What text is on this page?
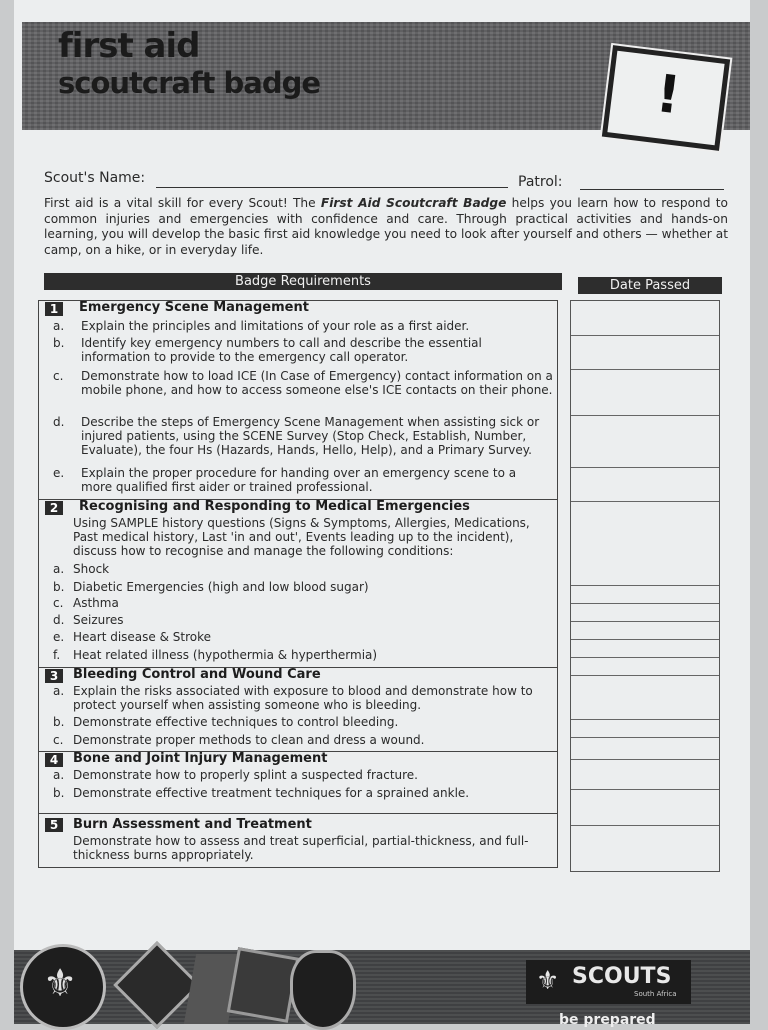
first aid
scoutcraft badge	!
Scout's Name:	Patrol:
First aid is a vital skill for every Scout! The First Aid Scoutcraft Badge helps you learn how to respond to common injuries and emergencies with confidence and care. Through practical activities and hands-on learning, you will develop the basic first aid knowledge you need to look after yourself and others — whether at camp, on a hike, or in everyday life.
Badge Requirements	Date Passed
1	Emergency Scene Management
a.	Explain the principles and limitations of your role as a first aider.
b.	Identify key emergency numbers to call and describe the essential information to provide to the emergency call operator.
c.	Demonstrate how to load ICE (In Case of Emergency) contact information on a mobile phone, and how to access someone else's ICE contacts on their phone.
d.	Describe the steps of Emergency Scene Management when assisting sick or injured patients, using the SCENE Survey (Stop Check, Establish, Number, Evaluate), the four Hs (Hazards, Hands, Hello, Help), and a Primary Survey.
e.	Explain the proper procedure for handing over an emergency scene to a more qualified first aider or trained professional.
2	Recognising and Responding to Medical Emergencies
Using SAMPLE history questions (Signs & Symptoms, Allergies, Medications, Past medical history, Last 'in and out', Events leading up to the incident), discuss how to recognise and manage the following conditions:
a. Shock
b. Diabetic Emergencies (high and low blood sugar)
c. Asthma
d. Seizures
e. Heart disease & Stroke
f.	Heat related illness (hypothermia & hyperthermia)
3	Bleeding Control and Wound Care
a. Explain the risks associated with exposure to blood and demonstrate how to protect yourself when assisting someone who is bleeding.
b. Demonstrate effective techniques to control bleeding.
c. Demonstrate proper methods to clean and dress a wound.
4	Bone and Joint Injury Management
a. Demonstrate how to properly splint a suspected fracture.
b. Demonstrate effective treatment techniques for a sprained ankle.
5	Burn Assessment and Treatment
Demonstrate how to assess and treat superficial, partial-thickness, and full-thickness burns appropriately.
⚜	⚜ SCOUTS
South Africa
be prepared
